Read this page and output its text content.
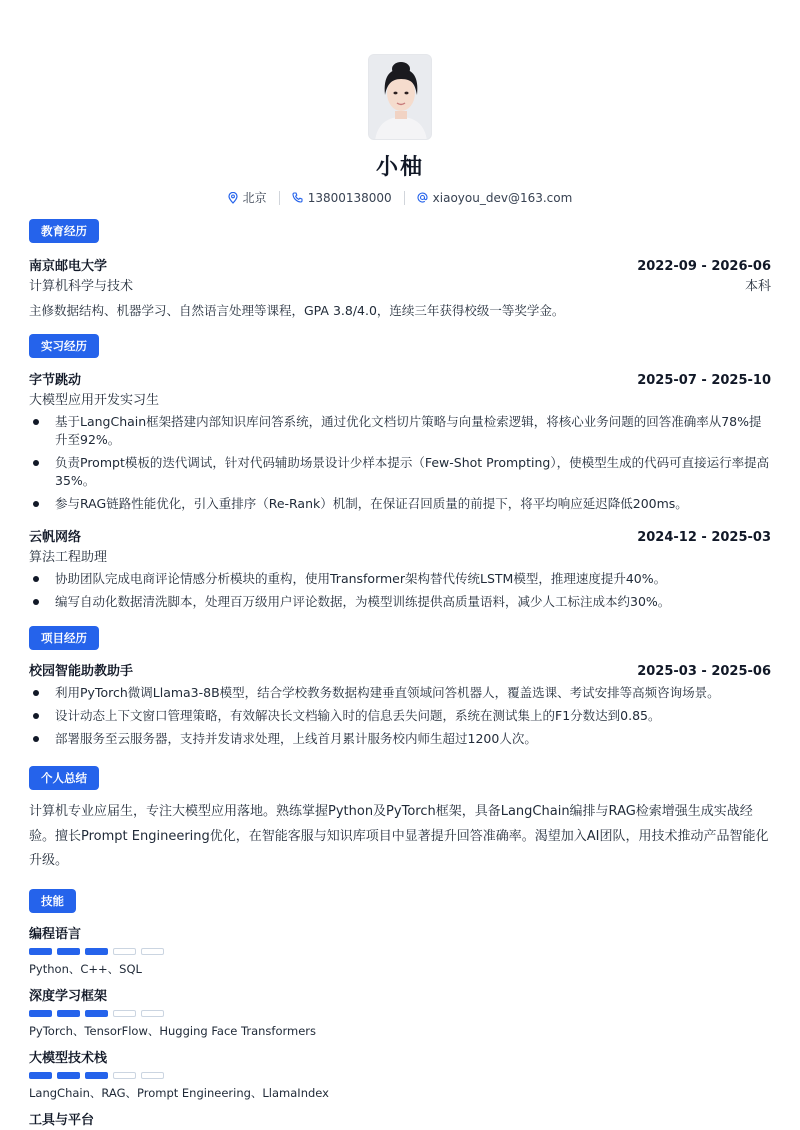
小柚
北京	13800138000	xiaoyou_dev@163.com
教育经历
南京邮电大学	2022-09 - 2026-06
计算机科学与技术	本科
主修数据结构、机器学习、自然语言处理等课程，GPA 3.8/4.0，连续三年获得校级一等奖学金。
实习经历
字节跳动	2025-07 - 2025-10
大模型应用开发实习生
基于LangChain框架搭建内部知识库问答系统，通过优化文档切片策略与向量检索逻辑，将核心业务问题的回答准确率从78%提升至92%。
负责Prompt模板的迭代调试，针对代码辅助场景设计少样本提示（Few-Shot Prompting），使模型生成的代码可直接运行率提高35%。
参与RAG链路性能优化，引入重排序（Re-Rank）机制，在保证召回质量的前提下，将平均响应延迟降低200ms。
云帆网络	2024-12 - 2025-03
算法工程助理
协助团队完成电商评论情感分析模块的重构，使用Transformer架构替代传统LSTM模型，推理速度提升40%。
编写自动化数据清洗脚本，处理百万级用户评论数据，为模型训练提供高质量语料，减少人工标注成本约30%。
项目经历
校园智能助教助手	2025-03 - 2025-06
利用PyTorch微调Llama3-8B模型，结合学校教务数据构建垂直领域问答机器人，覆盖选课、考试安排等高频咨询场景。
设计动态上下文窗口管理策略，有效解决长文档输入时的信息丢失问题，系统在测试集上的F1分数达到0.85。
部署服务至云服务器，支持并发请求处理，上线首月累计服务校内师生超过1200人次。
个人总结
计算机专业应届生，专注大模型应用落地。熟练掌握Python及PyTorch框架，具备LangChain编排与RAG检索增强生成实战经
验。擅长Prompt Engineering优化，在智能客服与知识库项目中显著提升回答准确率。渴望加入AI团队，用技术推动产品智能化
升级。
技能
编程语言
Python、C++、SQL
深度学习框架
PyTorch、TensorFlow、Hugging Face Transformers
大模型技术栈
LangChain、RAG、Prompt Engineering、LlamaIndex
工具与平台
